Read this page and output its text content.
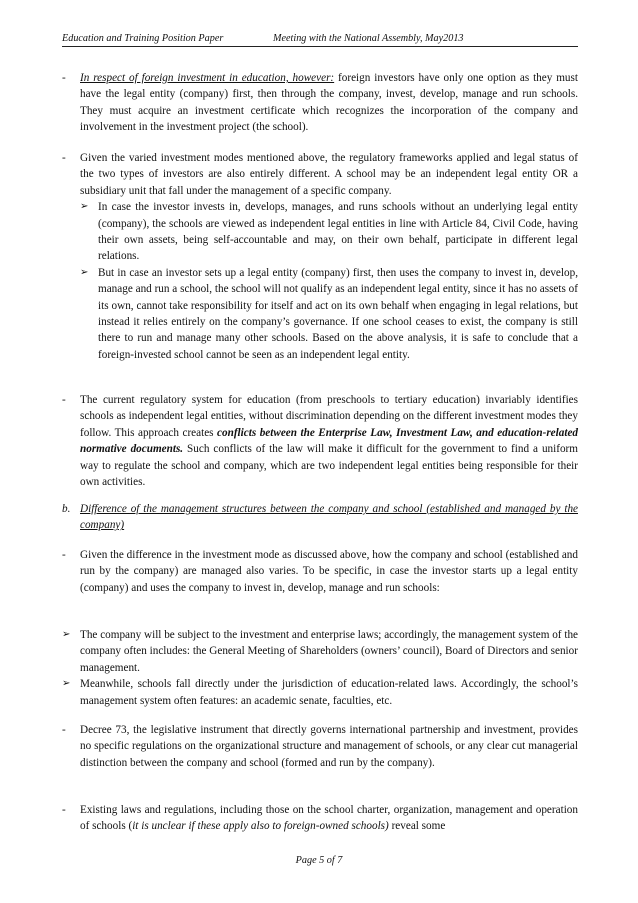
Education and Training Position Paper	Meeting with the National Assembly, May2013
- In respect of foreign investment in education, however: foreign investors have only one option as they must have the legal entity (company) first, then through the company, invest, develop, manage and run schools. They must acquire an investment certificate which recognizes the incorporation of the company and involvement in the investment project (the school).
- Given the varied investment modes mentioned above, the regulatory frameworks applied and legal status of the two types of investors are also entirely different. A school may be an independent legal entity OR a subsidiary unit that fall under the management of a specific company.
➢ In case the investor invests in, develops, manages, and runs schools without an underlying legal entity (company), the schools are viewed as independent legal entities in line with Article 84, Civil Code, having their own assets, being self-accountable and may, on their own behalf, participate in different legal relations.
➢ But in case an investor sets up a legal entity (company) first, then uses the company to invest in, develop, manage and run a school, the school will not qualify as an independent legal entity, since it has no assets of its own, cannot take responsibility for itself and act on its own behalf when engaging in legal relations, but instead it relies entirely on the company’s governance. If one school ceases to exist, the company is still there to run and manage many other schools. Based on the above analysis, it is safe to conclude that a foreign-invested school cannot be seen as an independent legal entity.
- The current regulatory system for education (from preschools to tertiary education) invariably identifies schools as independent legal entities, without discrimination depending on the different investment modes they follow. This approach creates conflicts between the Enterprise Law, Investment Law, and education-related normative documents. Such conflicts of the law will make it difficult for the government to find a uniform way to regulate the school and company, which are two independent legal entities being responsible for their own activities.
b. Difference of the management structures between the company and school (established and managed by the company)
- Given the difference in the investment mode as discussed above, how the company and school (established and run by the company) are managed also varies. To be specific, in case the investor starts up a legal entity (company) and uses the company to invest in, develop, manage and run schools:
➢ The company will be subject to the investment and enterprise laws; accordingly, the management system of the company often includes: the General Meeting of Shareholders (owners’ council), Board of Directors and senior management.
➢ Meanwhile, schools fall directly under the jurisdiction of education-related laws. Accordingly, the school’s management system often features: an academic senate, faculties, etc.
- Decree 73, the legislative instrument that directly governs international partnership and investment, provides no specific regulations on the organizational structure and management of schools, or any clear cut managerial distinction between the company and school (formed and run by the company).
- Existing laws and regulations, including those on the school charter, organization, management and operation of schools (it is unclear if these apply also to foreign-owned schools) reveal some
Page 5 of 7
